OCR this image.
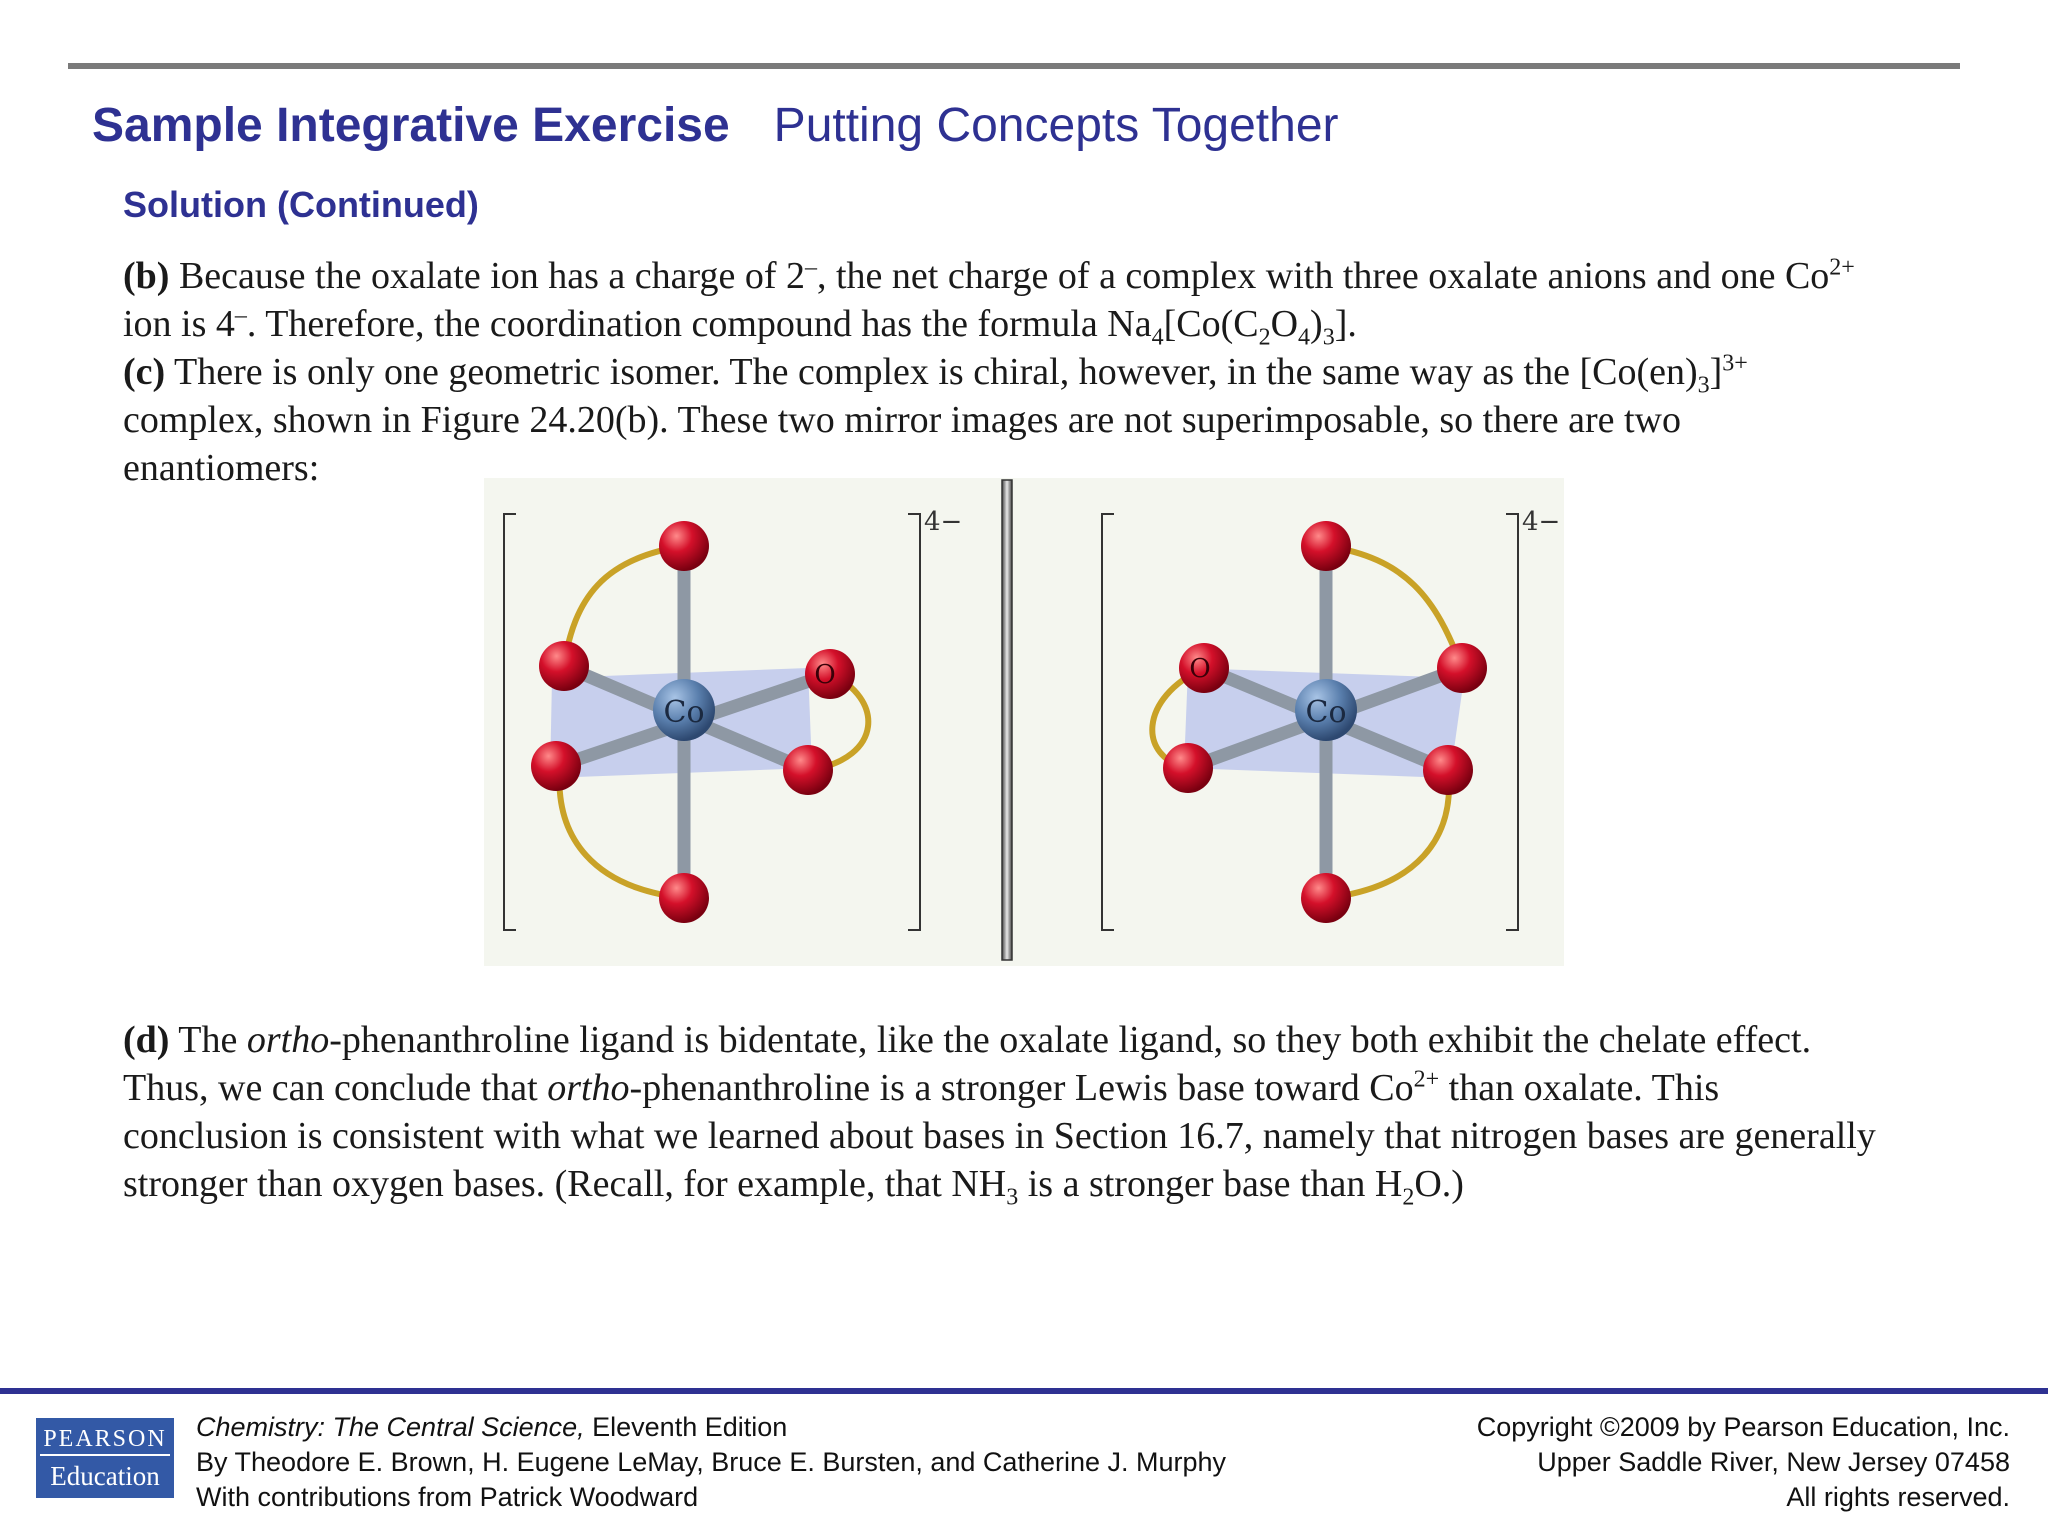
Sample Integrative Exercise Putting Concepts Together
Solution (Continued)

(b) Because the oxalate ion has a charge of 2–, the net charge of a complex with three oxalate anions and one $Co^{2+}$ ion is 4–. Therefore, the coordination compound has the formula $Na_4[Co(C_2O_4)_3]$.

(c) There is only one geometric isomer. The complex is chiral, however, in the same way as the $[Co(en)_3]^{3+}$ complex, shown in Figure 24.20(b). These two mirror images are not superimposable, so there are two enantiomers:

4−
Co
O
4−
Co
O

(d) The ortho-phenanthroline ligand is bidentate, like the oxalate ligand, so they both exhibit the chelate effect. Thus, we can conclude that ortho-phenanthroline is a stronger Lewis base toward $Co^{2+}$ than oxalate. This conclusion is consistent with what we learned about bases in Section 16.7, namely that nitrogen bases are generally stronger than oxygen bases. (Recall, for example, that $NH_3$ is a stronger base than $H_2O$.)

PEARSON
Education
Chemistry: The Central Science, Eleventh Edition
By Theodore E. Brown, H. Eugene LeMay, Bruce E. Bursten, and Catherine J. Murphy
With contributions from Patrick Woodward
Copyright ©2009 by Pearson Education, Inc.
Upper Saddle River, New Jersey 07458
All rights reserved.
